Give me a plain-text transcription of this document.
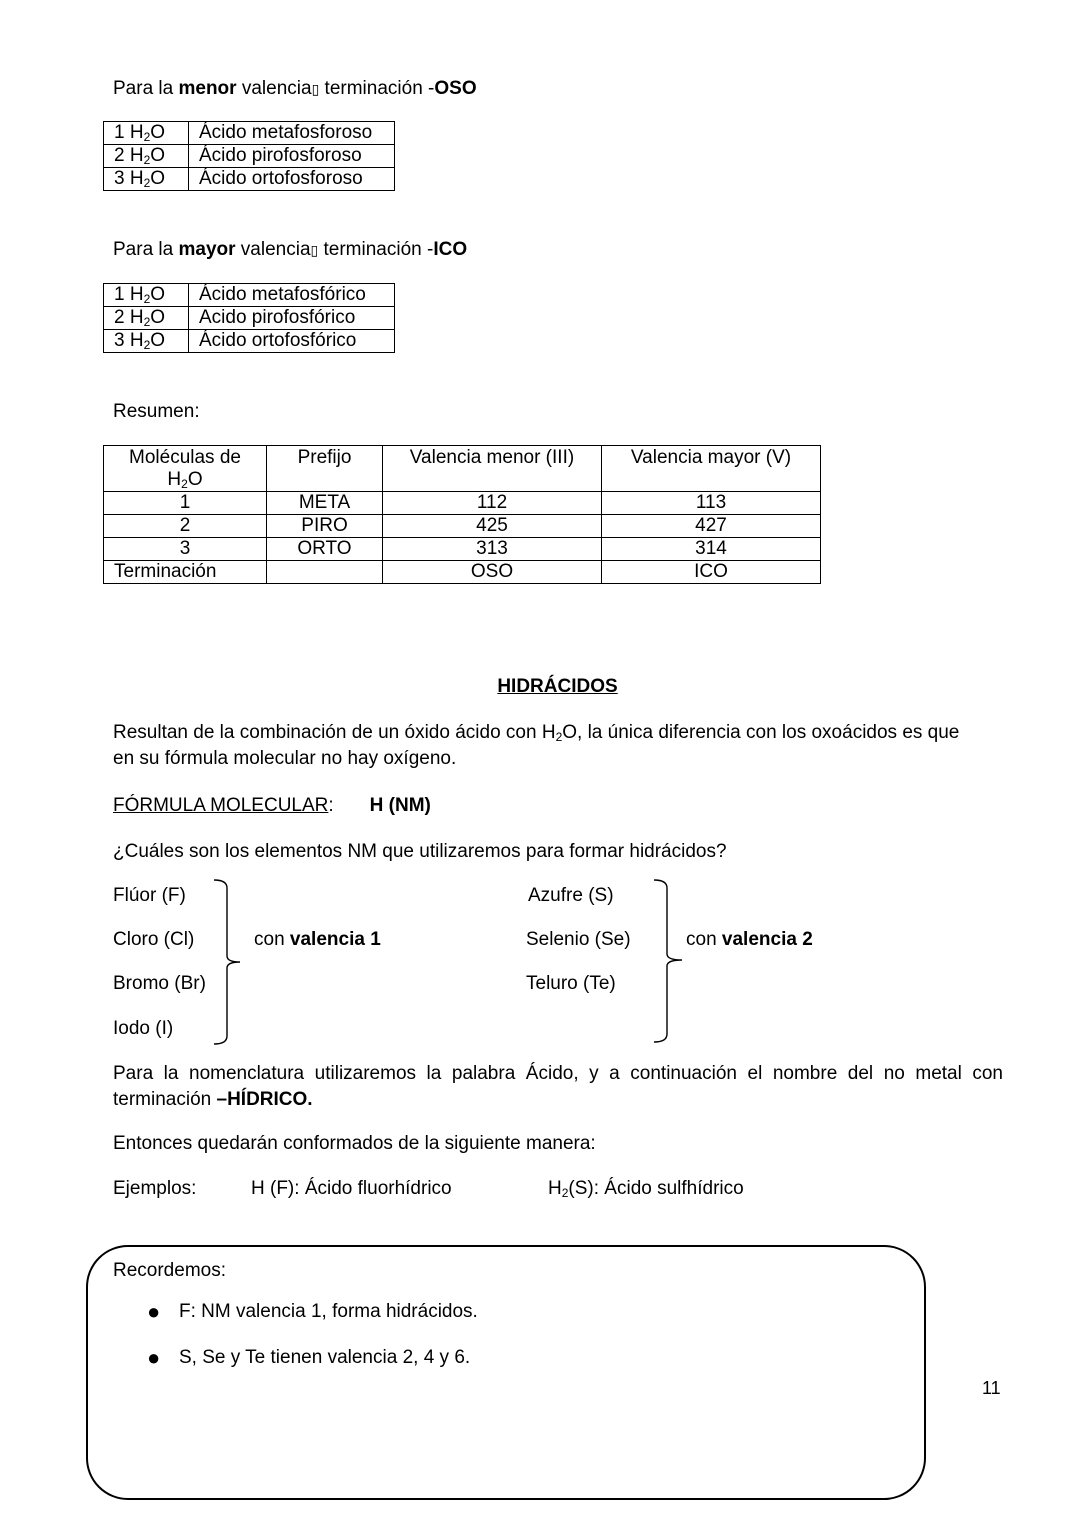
Para la menor valencia▯ terminación -OSO
1 $H_2O$	Ácido metafosforoso
2 $H_2O$	Ácido pirofosforoso
3 $H_2O$	Ácido ortofosforoso
Para la mayor valencia▯ terminación -ICO
1 $H_2O$	Ácido metafosfórico
2 $H_2O$	Acido pirofosfórico
3 $H_2O$	Ácido ortofosfórico
Resumen:
Moléculas de
$H_2O$	Prefijo	Valencia menor (III)	Valencia mayor (V)
1	META	112	113
2	PIRO	425	427
3	ORTO	313	314
Terminación		OSO	ICO
HIDRÁCIDOS
Resultan de la combinación de un óxido ácido con $H_2O$, la única diferencia con los oxoácidos es que
en su fórmula molecular no hay oxígeno.
FÓRMULA MOLECULAR: H (NM)
¿Cuáles son los elementos NM que utilizaremos para formar hidrácidos?
Flúor (F)
Cloro (Cl)
Bromo (Br)
Iodo (I)
con valencia 1
Azufre (S)
Selenio (Se)
Teluro (Te)
con valencia 2
Para la nomenclatura utilizaremos la palabra Ácido, y a continuación el nombre del no metal con terminación –HÍDRICO.
Entonces quedarán conformados de la siguiente manera:
Ejemplos:	H (F): Ácido fluorhídrico	$H_2(S)$: Ácido sulfhídrico
Recordemos:
● F: NM valencia 1, forma hidrácidos.
● S, Se y Te tienen valencia 2, 4 y 6.
11
